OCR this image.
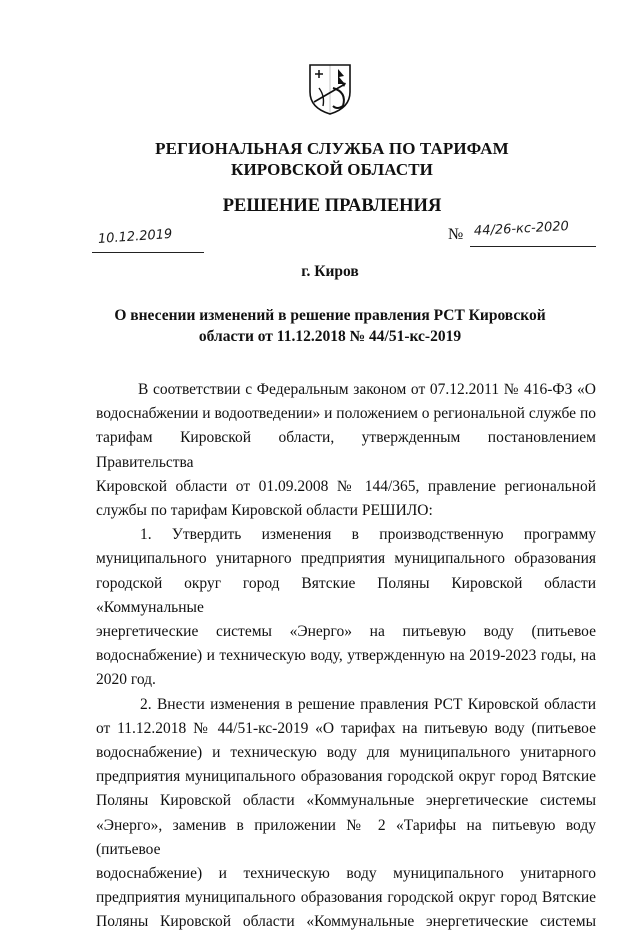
РЕГИОНАЛЬНАЯ СЛУЖБА ПО ТАРИФАМ
КИРОВСКОЙ ОБЛАСТИ
РЕШЕНИЕ ПРАВЛЕНИЯ
10.12.2019	№ 44/26-кс-2020
г. Киров
О внесении изменений в решение правления РСТ Кировской
области от 11.12.2018 № 44/51-кс-2019

В соответствии с Федеральным законом от 07.12.2011 № 416-ФЗ «О

водоснабжении и водоотведении» и положением о региональной службе по

тарифам Кировской области, утвержденным постановлением Правительства

Кировской области от 01.09.2008 № 144/365, правление региональной

службы по тарифам Кировской области РЕШИЛО:

1. Утвердить изменения в производственную программу

муниципального унитарного предприятия муниципального образования

городской округ город Вятские Поляны Кировской области «Коммунальные

энергетические системы «Энерго» на питьевую воду (питьевое

водоснабжение) и техническую воду, утвержденную на 2019-2023 годы, на

2020 год.

2. Внести изменения в решение правления РСТ Кировской области

от 11.12.2018 № 44/51-кс-2019 «О тарифах на питьевую воду (питьевое

водоснабжение) и техническую воду для муниципального унитарного

предприятия муниципального образования городской округ город Вятские

Поляны Кировской области «Коммунальные энергетические системы

«Энерго», заменив в приложении № 2 «Тарифы на питьевую воду (питьевое

водоснабжение) и техническую воду муниципального унитарного

предприятия муниципального образования городской округ город Вятские

Поляны Кировской области «Коммунальные энергетические системы
